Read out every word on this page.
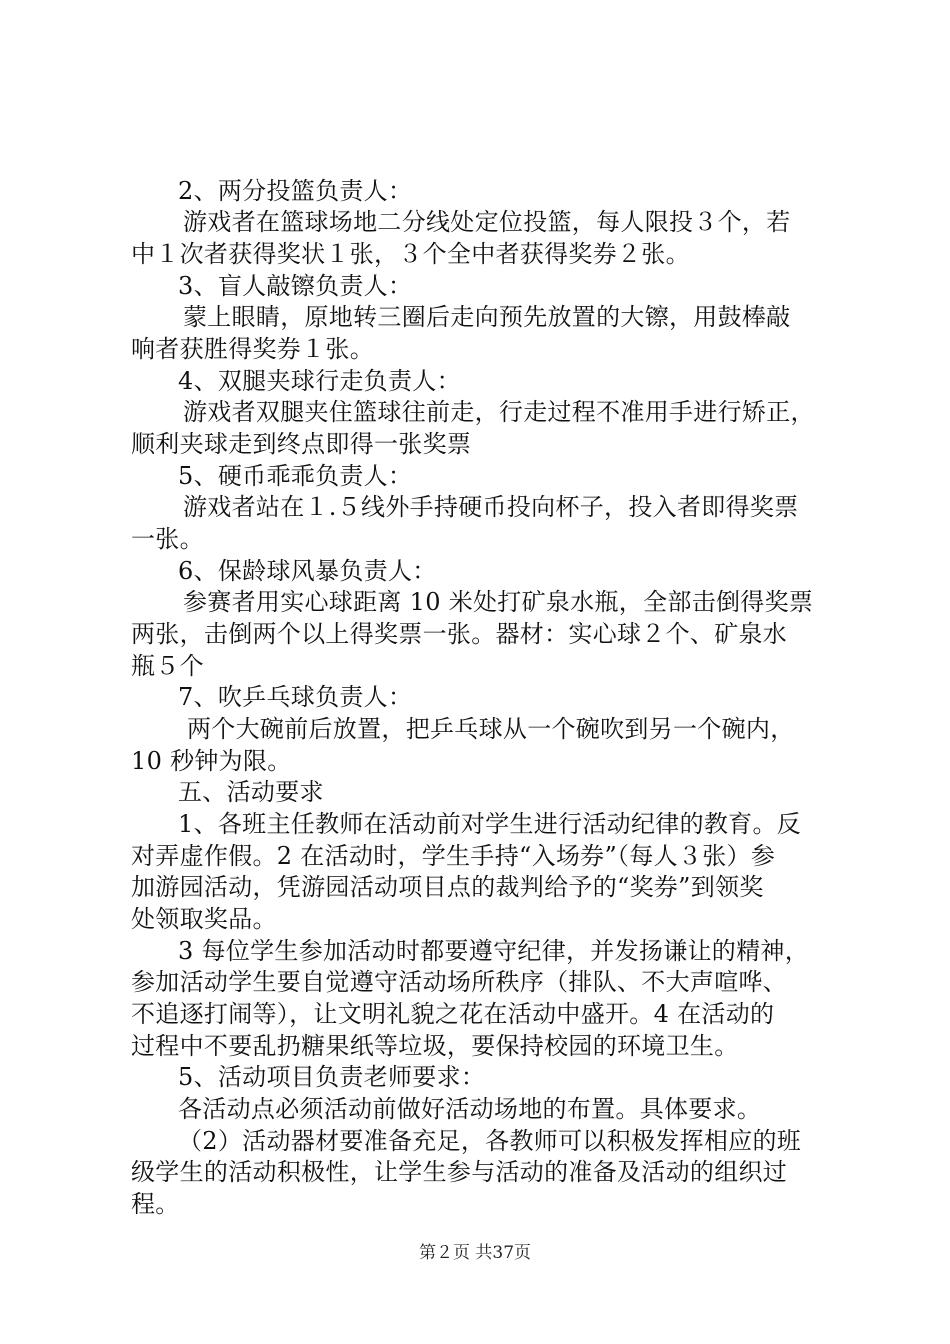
2、两分投篮负责人：
游戏者在篮球场地二分线处定位投篮，每人限投３个，若
中１次者获得奖状１张，３个全中者获得奖券２张。
3、盲人敲镲负责人：
蒙上眼睛，原地转三圈后走向预先放置的大镲，用鼓棒敲
响者获胜得奖券１张。
4、双腿夹球行走负责人：
游戏者双腿夹住篮球往前走，行走过程不准用手进行矫正，
顺利夹球走到终点即得一张奖票
5、硬币乖乖负责人：
游戏者站在１.５线外手持硬币投向杯子，投入者即得奖票
一张。
6、保龄球风暴负责人：
参赛者用实心球距离 10 米处打矿泉水瓶，全部击倒得奖票
两张，击倒两个以上得奖票一张。器材：实心球２个、矿泉水
瓶５个
7、吹乒乓球负责人：
两个大碗前后放置，把乒乓球从一个碗吹到另一个碗内，
10 秒钟为限。
五、活动要求
1、各班主任教师在活动前对学生进行活动纪律的教育。反
对弄虚作假。2 在活动时，学生手持“入场券”（每人３张）参
加游园活动，凭游园活动项目点的裁判给予的“奖券”到领奖
处领取奖品。
3 每位学生参加活动时都要遵守纪律，并发扬谦让的精神，
参加活动学生要自觉遵守活动场所秩序（排队、不大声喧哗、
不追逐打闹等），让文明礼貌之花在活动中盛开。4 在活动的
过程中不要乱扔糖果纸等垃圾，要保持校园的环境卫生。
5、活动项目负责老师要求：
各活动点必须活动前做好活动场地的布置。具体要求。
（2）活动器材要准备充足，各教师可以积极发挥相应的班
级学生的活动积极性，让学生参与活动的准备及活动的组织过
程。
第２页 共37页
